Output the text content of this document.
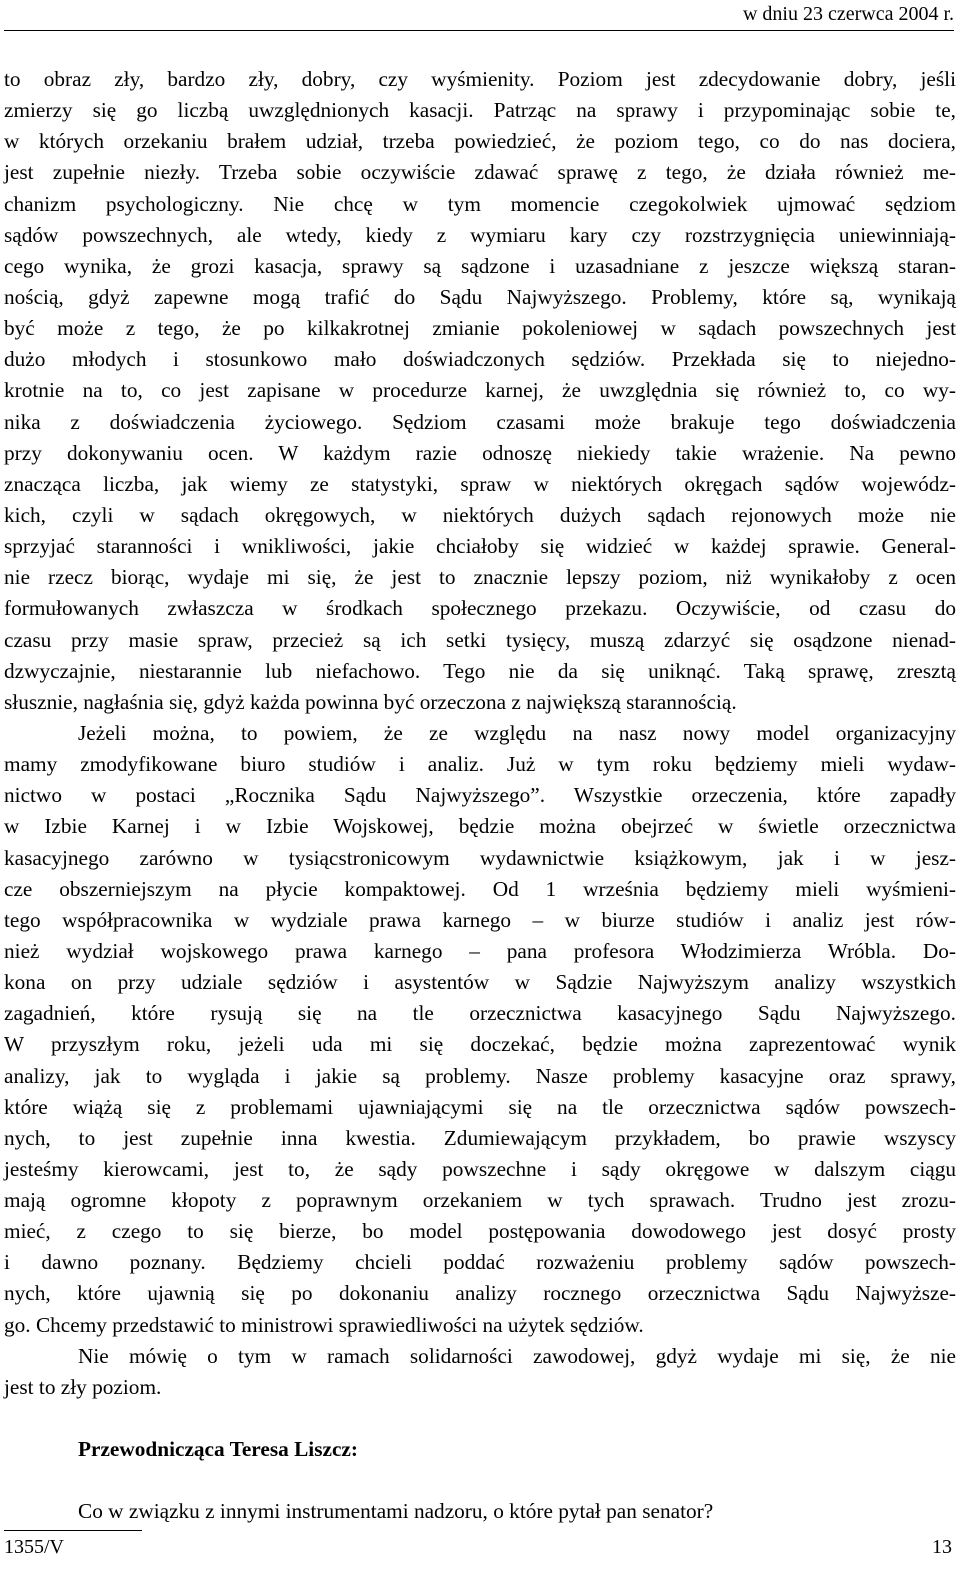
w dniu 23 czerwca 2004 r.
to obraz zły, bardzo zły, dobry, czy wyśmienity. Poziom jest zdecydowanie dobry, jeśli
zmierzy się go liczbą uwzględnionych kasacji. Patrząc na sprawy i przypominając sobie te,
w których orzekaniu brałem udział, trzeba powiedzieć, że poziom tego, co do nas dociera,
jest zupełnie niezły. Trzeba sobie oczywiście zdawać sprawę z tego, że działa również me-
chanizm psychologiczny. Nie chcę w tym momencie czegokolwiek ujmować sędziom
sądów powszechnych, ale wtedy, kiedy z wymiaru kary czy rozstrzygnięcia uniewinniają-
cego wynika, że grozi kasacja, sprawy są sądzone i uzasadniane z jeszcze większą staran-
nością, gdyż zapewne mogą trafić do Sądu Najwyższego. Problemy, które są, wynikają
być może z tego, że po kilkakrotnej zmianie pokoleniowej w sądach powszechnych jest
dużo młodych i stosunkowo mało doświadczonych sędziów. Przekłada się to niejedno-
krotnie na to, co jest zapisane w procedurze karnej, że uwzględnia się również to, co wy-
nika z doświadczenia życiowego. Sędziom czasami może brakuje tego doświadczenia
przy dokonywaniu ocen. W każdym razie odnoszę niekiedy takie wrażenie. Na pewno
znacząca liczba, jak wiemy ze statystyki, spraw w niektórych okręgach sądów wojewódz-
kich, czyli w sądach okręgowych, w niektórych dużych sądach rejonowych może nie
sprzyjać staranności i wnikliwości, jakie chciałoby się widzieć w każdej sprawie. General-
nie rzecz biorąc, wydaje mi się, że jest to znacznie lepszy poziom, niż wynikałoby z ocen
formułowanych zwłaszcza w środkach społecznego przekazu. Oczywiście, od czasu do
czasu przy masie spraw, przecież są ich setki tysięcy, muszą zdarzyć się osądzone nienad-
dzwyczajnie, niestarannie lub niefachowo. Tego nie da się uniknąć. Taką sprawę, zresztą
słusznie, nagłaśnia się, gdyż każda powinna być orzeczona z największą starannością.
Jeżeli można, to powiem, że ze względu na nasz nowy model organizacyjny
mamy zmodyfikowane biuro studiów i analiz. Już w tym roku będziemy mieli wydaw-
nictwo w postaci „Rocznika Sądu Najwyższego”. Wszystkie orzeczenia, które zapadły
w Izbie Karnej i w Izbie Wojskowej, będzie można obejrzeć w świetle orzecznictwa
kasacyjnego zarówno w tysiącstronicowym wydawnictwie książkowym, jak i w jesz-
cze obszerniejszym na płycie kompaktowej. Od 1 września będziemy mieli wyśmieni-
tego współpracownika w wydziale prawa karnego – w biurze studiów i analiz jest rów-
nież wydział wojskowego prawa karnego – pana profesora Włodzimierza Wróbla. Do-
kona on przy udziale sędziów i asystentów w Sądzie Najwyższym analizy wszystkich
zagadnień, które rysują się na tle orzecznictwa kasacyjnego Sądu Najwyższego.
W przyszłym roku, jeżeli uda mi się doczekać, będzie można zaprezentować wynik
analizy, jak to wygląda i jakie są problemy. Nasze problemy kasacyjne oraz sprawy,
które wiążą się z problemami ujawniającymi się na tle orzecznictwa sądów powszech-
nych, to jest zupełnie inna kwestia. Zdumiewającym przykładem, bo prawie wszyscy
jesteśmy kierowcami, jest to, że sądy powszechne i sądy okręgowe w dalszym ciągu
mają ogromne kłopoty z poprawnym orzekaniem w tych sprawach. Trudno jest zrozu-
mieć, z czego to się bierze, bo model postępowania dowodowego jest dosyć prosty
i dawno poznany. Będziemy chcieli poddać rozważeniu problemy sądów powszech-
nych, które ujawnią się po dokonaniu analizy rocznego orzecznictwa Sądu Najwyższe-
go. Chcemy przedstawić to ministrowi sprawiedliwości na użytek sędziów.
Nie mówię o tym w ramach solidarności zawodowej, gdyż wydaje mi się, że nie
jest to zły poziom.
Przewodnicząca Teresa Liszcz:
Co w związku z innymi instrumentami nadzoru, o które pytał pan senator?
1355/V	13
